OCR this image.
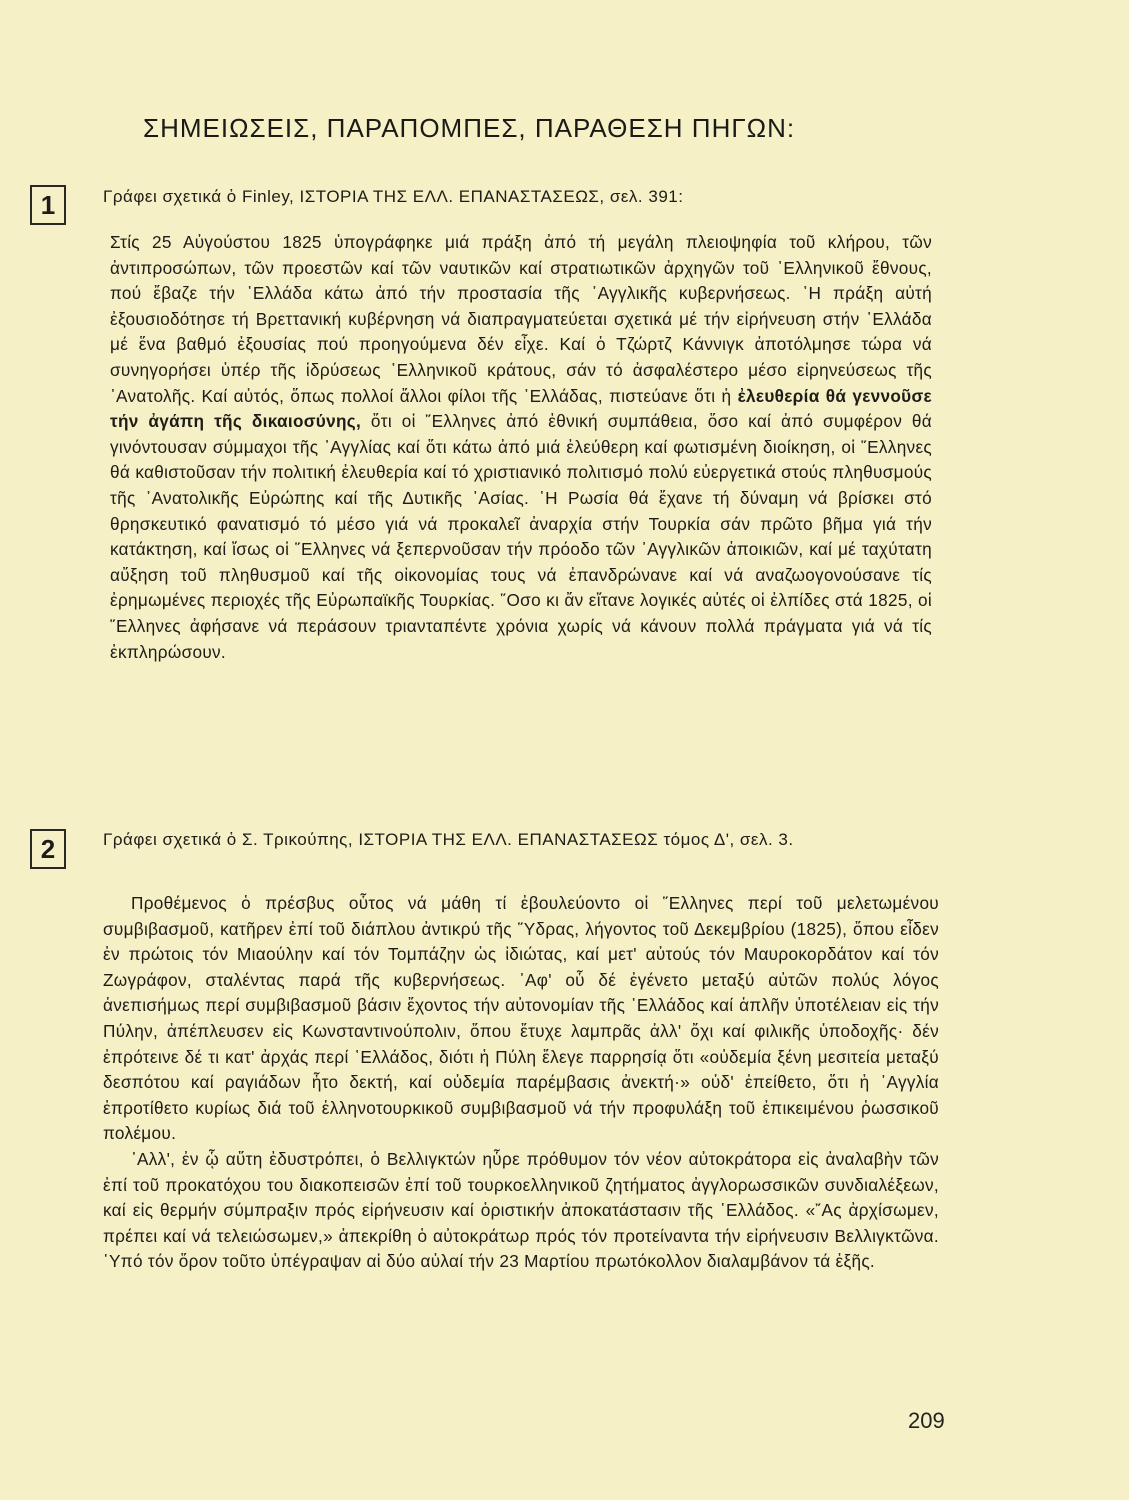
ΣΗΜΕΙΩΣΕΙΣ, ΠΑΡΑΠΟΜΠΕΣ, ΠΑΡΑΘΕΣΗ ΠΗΓΩΝ:
1	Γράφει σχετικά ὁ Finley, ΙΣΤΟΡΙΑ ΤΗΣ ΕΛΛ. ΕΠΑΝΑΣΤΑΣΕΩΣ, σελ. 391:

Στίς 25 Αὐγούστου 1825 ὑπογράφηκε μιά πράξη ἀπό τή μεγάλη πλειοψηφία τοῦ κλήρου, τῶν ἀντιπροσώπων, τῶν προεστῶν καί τῶν ναυτικῶν καί στρατιωτικῶν ἀρχηγῶν τοῦ ῾Ελληνικοῦ ἔθνους, πού ἔβαζε τήν ῾Ελλάδα κάτω ἀπό τήν προστασία τῆς ᾿Αγγλικῆς κυβερνήσεως. ῾Η πράξη αὐτή ἐξουσιοδότησε τή Βρεττανική κυβέρνηση νά διαπραγματεύεται σχετικά μέ τήν εἰρήνευση στήν ῾Ελλάδα μέ ἕνα βαθμό ἐξουσίας πού προηγούμενα δέν εἶχε. Καί ὁ Τζώρτζ Κάννιγκ ἀποτόλμησε τώρα νά συνηγορήσει ὑπέρ τῆς ἱδρύσεως ῾Ελληνικοῦ κράτους, σάν τό ἀσφαλέστερο μέσο εἰρηνεύσεως τῆς ᾿Ανατολῆς. Καί αὐτός, ὅπως πολλοί ἄλλοι φίλοι τῆς ῾Ελλάδας, πιστεύανε ὅτι ἡ ἐλευθερία θά γεννοῦσε τήν ἀγάπη τῆς δικαιοσύνης, ὅτι οἱ ῞Ελληνες ἀπό ἐθνική συμπάθεια, ὅσο καί ἀπό συμφέρον θά γινόντουσαν σύμμαχοι τῆς ᾿Αγγλίας καί ὅτι κάτω ἀπό μιά ἐλεύθερη καί φωτισμένη διοίκηση, οἱ ῞Ελληνες θά καθιστοῦσαν τήν πολιτική ἐλευθερία καί τό χριστιανικό πολιτισμό πολύ εὐεργετικά στούς πληθυσμούς τῆς ᾿Ανατολικῆς Εὐρώπης καί τῆς Δυτικῆς ᾿Ασίας. ῾Η Ρωσία θά ἔχανε τή δύναμη νά βρίσκει στό θρησκευτικό φανατισμό τό μέσο γιά νά προκαλεῖ ἀναρχία στήν Τουρκία σάν πρῶτο βῆμα γιά τήν κατάκτηση, καί ἴσως οἱ ῞Ελληνες νά ξεπερνοῦσαν τήν πρόοδο τῶν ᾿Αγγλικῶν ἀποικιῶν, καί μέ ταχύτατη αὔξηση τοῦ πληθυσμοῦ καί τῆς οἰκονομίας τους νά ἐπανδρώνανε καί νά αναζωογονούσανε τίς ἐρημωμένες περιοχές τῆς Εὐρωπαϊκῆς Τουρκίας. ῞Οσο κι ἄν εἴτανε λογικές αὐτές οἱ ἐλπίδες στά 1825, οἱ ῞Ελληνες ἀφήσανε νά περάσουν τριανταπέντε χρόνια χωρίς νά κάνουν πολλά πράγματα γιά νά τίς ἐκπληρώσουν.

2	Γράφει σχετικά ὁ Σ. Τρικούπης, ΙΣΤΟΡΙΑ ΤΗΣ ΕΛΛ. ΕΠΑΝΑΣΤΑΣΕΩΣ τόμος Δ', σελ. 3.

Προθέμενος ὁ πρέσβυς οὗτος νά μάθη τί ἐβουλεύοντο οἱ ῞Ελληνες περί τοῦ μελετωμένου συμβιβασμοῦ, κατῆρεν ἐπί τοῦ διάπλου ἀντικρύ τῆς ῞Υδρας, λήγοντος τοῦ Δεκεμβρίου (1825), ὅπου εἶδεν ἐν πρώτοις τόν Μιαούλην καί τόν Τομπάζην ὡς ἰδιώτας, καί μετ' αὐτούς τόν Μαυροκορδάτον καί τόν Ζωγράφον, σταλέντας παρά τῆς κυβερνήσεως. ᾿Αφ' οὗ δέ ἐγένετο μεταξύ αὐτῶν πολύς λόγος ἀνεπισήμως περί συμβιβασμοῦ βάσιν ἔχοντος τήν αὐτονομίαν τῆς ῾Ελλάδος καί ἁπλῆν ὑποτέλειαν εἰς τήν Πύλην, ἀπέπλευσεν εἰς Κωνσταντινούπολιν, ὅπου ἔτυχε λαμπρᾶς ἀλλ' ὄχι καί φιλικῆς ὑποδοχῆς· δέν ἐπρότεινε δέ τι κατ' ἀρχάς περί ῾Ελλάδος, διότι ἡ Πύλη ἔλεγε παρρησίᾳ ὅτι «οὐδεμία ξένη μεσιτεία μεταξύ δεσπότου καί ραγιάδων ἦτο δεκτή, καί οὐδεμία παρέμβασις ἀνεκτή·» οὐδ' ἐπείθετο, ὅτι ἡ ᾿Αγγλία ἐπροτίθετο κυρίως διά τοῦ ἑλληνοτουρκικοῦ συμβιβασμοῦ νά τήν προφυλάξη τοῦ ἐπικειμένου ῥωσσικοῦ πολέμου.

᾿Αλλ', ἐν ᾧ αὕτη ἐδυστρόπει, ὁ Βελλιγκτών ηὗρε πρόθυμον τόν νέον αὐτοκράτορα εἰς ἀναλαβὴν τῶν ἐπί τοῦ προκατόχου του διακοπεισῶν ἐπί τοῦ τουρκοελληνικοῦ ζητήματος ἀγγλορωσσικῶν συνδιαλέξεων, καί εἰς θερμήν σύμπραξιν πρός εἰρήνευσιν καί ὁριστικήν ἀποκατάστασιν τῆς ῾Ελλάδος. «῎Ας ἀρχίσωμεν, πρέπει καί νά τελειώσωμεν,» ἀπεκρίθη ὁ αὐτοκράτωρ πρός τόν προτείναντα τήν εἰρήνευσιν Βελλιγκτῶνα. ῾Υπό τόν ὅρον τοῦτο ὑπέγραψαν αἱ δύο αὐλαί τήν 23 Μαρτίου πρωτόκολλον διαλαμβάνον τά ἑξῆς.

209
